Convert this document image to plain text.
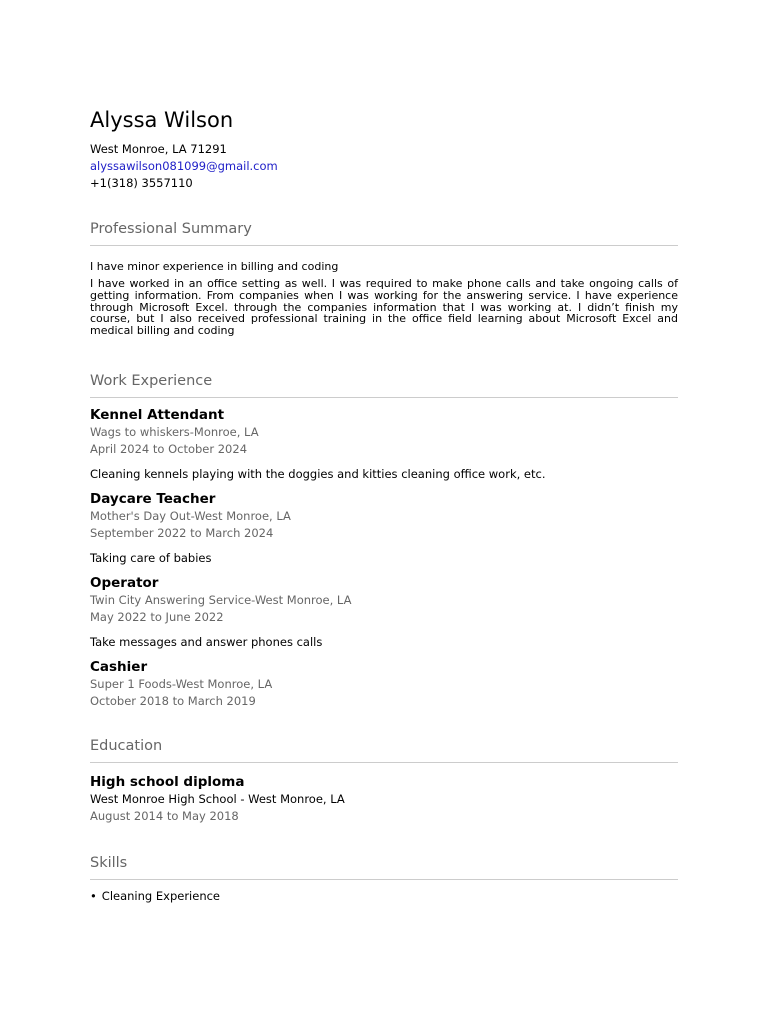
Alyssa Wilson
West Monroe, LA 71291
alyssawilson081099@gmail.com
+1(318) 3557110
Professional Summary
I have minor experience in billing and coding
I have worked in an office setting as well. I was required to make phone calls and take ongoing calls of getting information. From companies when I was working for the answering service. I have experience through Microsoft Excel. through the companies information that I was working at. I didn’t finish my course, but I also received professional training in the office field learning about Microsoft Excel and medical billing and coding
Work Experience
Kennel Attendant
Wags to whiskers-Monroe, LA
April 2024 to October 2024
Cleaning kennels playing with the doggies and kitties cleaning office work, etc.
Daycare Teacher
Mother's Day Out-West Monroe, LA
September 2022 to March 2024
Taking care of babies
Operator
Twin City Answering Service-West Monroe, LA
May 2022 to June 2022
Take messages and answer phones calls
Cashier
Super 1 Foods-West Monroe, LA
October 2018 to March 2019
Education
High school diploma
West Monroe High School - West Monroe, LA
August 2014 to May 2018
Skills
• Cleaning Experience
